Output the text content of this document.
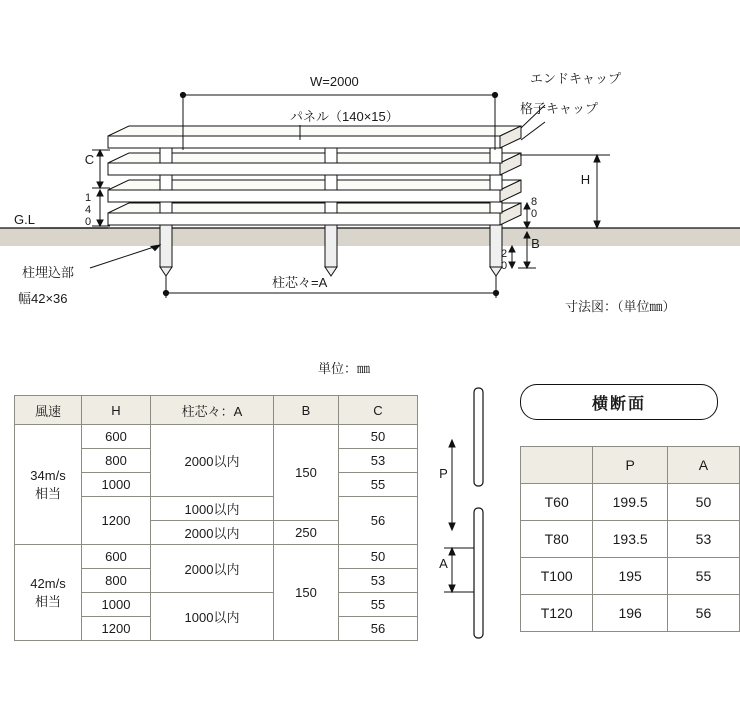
W=2000
パネル（140×15）
エンドキャップ
格子キャップ
G.L
C
140	80
H
B
20
柱埋込部
幅42×36
柱芯々=A
寸法図：（単位㎜）
単位：㎜
風速	H	柱芯々：A	B	C

34m/s
相当	600	2000以内	150	50
	800			53
	1000			55
	1200	1000以内		56
		2000以内	250	

42m/s
相当	600	2000以内	150	50
	800			53
	1000	1000以内		55
	1200			56
P
A
横断面
	P	A
T60	199.5	50
T80	193.5	53
T100	195	55
T120	196	56
